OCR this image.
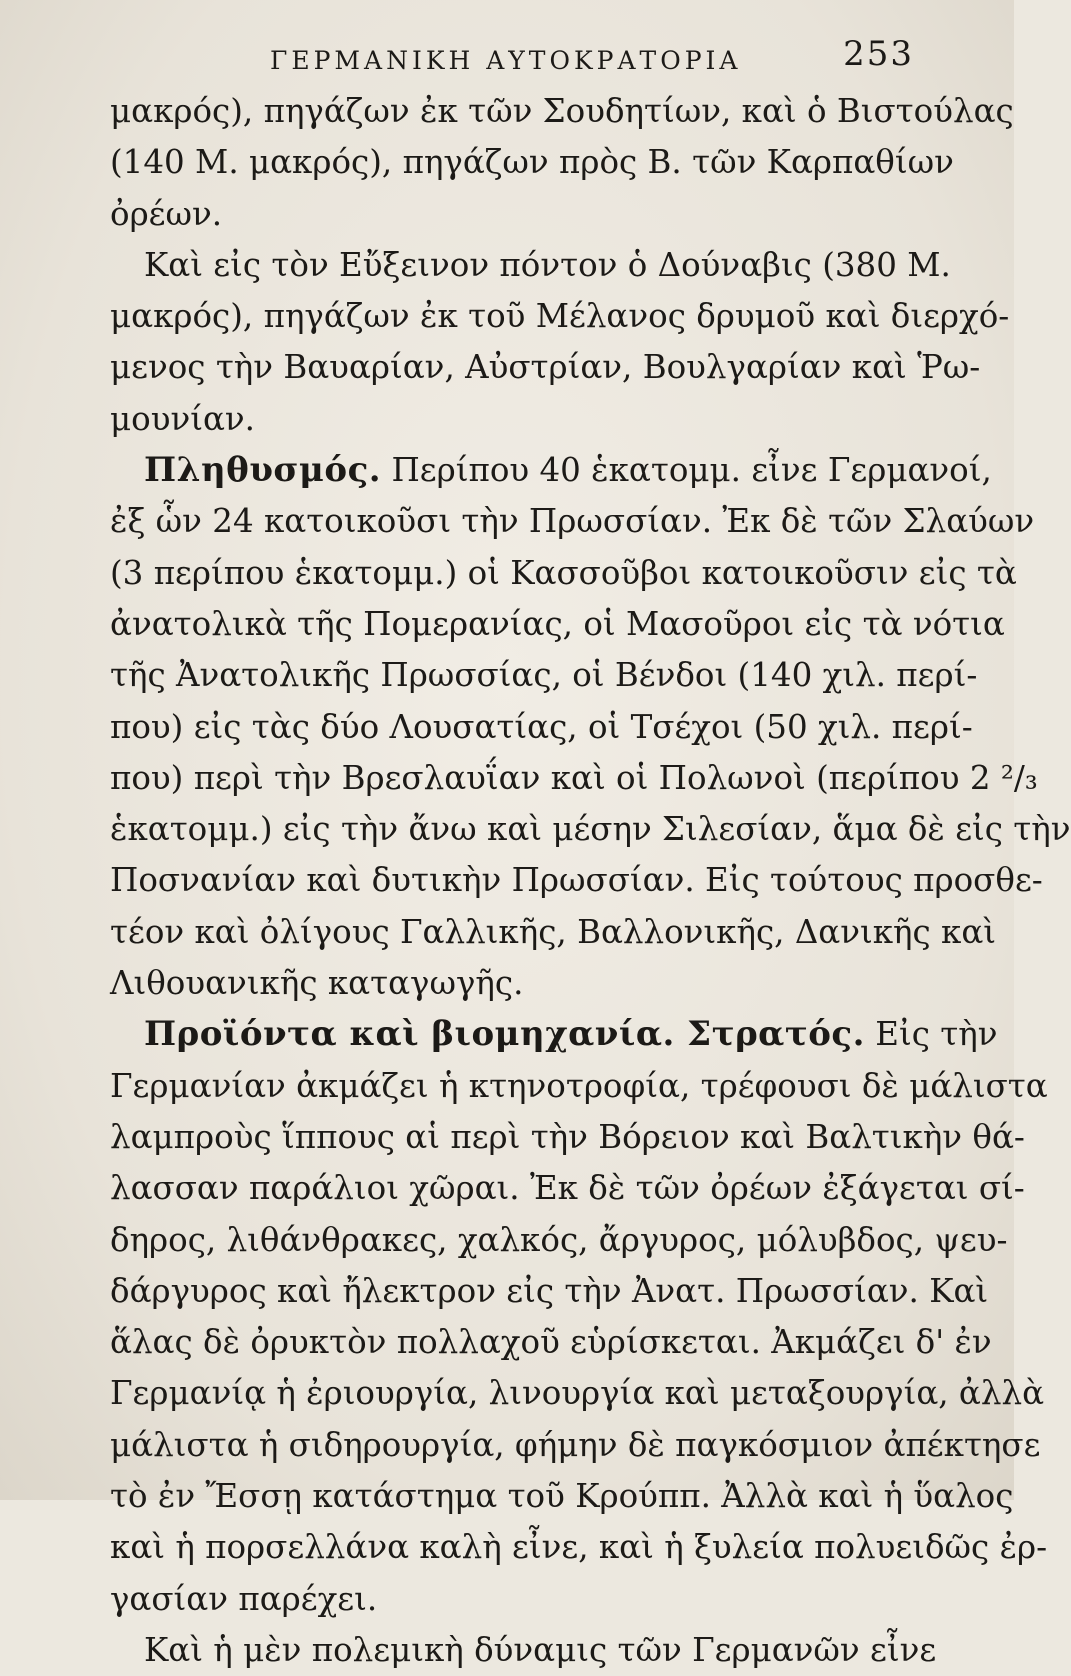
ΓΕΡΜΑΝΙΚΗ ΑΥΤΟΚΡΑΤΟΡΙΑ	253
μακρός), πηγάζων ἐκ τῶν Σουδητίων, καὶ ὁ Βιστούλας
(140 Μ. μακρός), πηγάζων πρὸς Β. τῶν Καρπαθίων
ὀρέων.
Καὶ εἰς τὸν Εὔξεινον πόντον ὁ Δούναβις (380 Μ.
μακρός), πηγάζων ἐκ τοῦ Μέλανος δρυμοῦ καὶ διερχό-
μενος τὴν Βαυαρίαν, Αὐστρίαν, Βουλγαρίαν καὶ Ῥω-
μουνίαν.
Πληθυσμός. Περίπου 40 ἑκατομμ. εἶνε Γερμανοί,
ἐξ ὧν 24 κατοικοῦσι τὴν Πρωσσίαν. Ἐκ δὲ τῶν Σλαύων
(3 περίπου ἑκατομμ.) οἱ Κασσοῦβοι κατοικοῦσιν εἰς τὰ
ἀνατολικὰ τῆς Πομερανίας, οἱ Μασοῦροι εἰς τὰ νότια
τῆς Ἀνατολικῆς Πρωσσίας, οἱ Βένδοι (140 χιλ. περί-
που) εἰς τὰς δύο Λουσατίας, οἱ Τσέχοι (50 χιλ. περί-
που) περὶ τὴν Βρεσλαυΐαν καὶ οἱ Πολωνοὶ (περίπου 2 ²/₃
ἑκατομμ.) εἰς τὴν ἄνω καὶ μέσην Σιλεσίαν, ἅμα δὲ εἰς τὴν
Ποσνανίαν καὶ δυτικὴν Πρωσσίαν. Εἰς τούτους προσθε-
τέον καὶ ὀλίγους Γαλλικῆς, Βαλλονικῆς, Δανικῆς καὶ
Λιθουανικῆς καταγωγῆς.
Προϊόντα καὶ βιομηχανία. Στρατός. Εἰς τὴν
Γερμανίαν ἀκμάζει ἡ κτηνοτροφία, τρέφουσι δὲ μάλιστα
λαμπροὺς ἵππους αἱ περὶ τὴν Βόρειον καὶ Βαλτικὴν θά-
λασσαν παράλιοι χῶραι. Ἐκ δὲ τῶν ὀρέων ἐξάγεται σί-
δηρος, λιθάνθρακες, χαλκός, ἄργυρος, μόλυβδος, ψευ-
δάργυρος καὶ ἤλεκτρον εἰς τὴν Ἀνατ. Πρωσσίαν. Καὶ
ἅλας δὲ ὀρυκτὸν πολλαχοῦ εὑρίσκεται. Ἀκμάζει δ' ἐν
Γερμανίᾳ ἡ ἐριουργία, λινουργία καὶ μεταξουργία, ἀλλὰ
μάλιστα ἡ σιδηρουργία, φήμην δὲ παγκόσμιον ἀπέκτησε
τὸ ἐν Ἔσσῃ κατάστημα τοῦ Κρούππ. Ἀλλὰ καὶ ἡ ὕαλος
καὶ ἡ πορσελλάνα καλὴ εἶνε, καὶ ἡ ξυλεία πολυειδῶς ἐρ-
γασίαν παρέχει.
Καὶ ἡ μὲν πολεμικὴ δύναμις τῶν Γερμανῶν εἶνε
